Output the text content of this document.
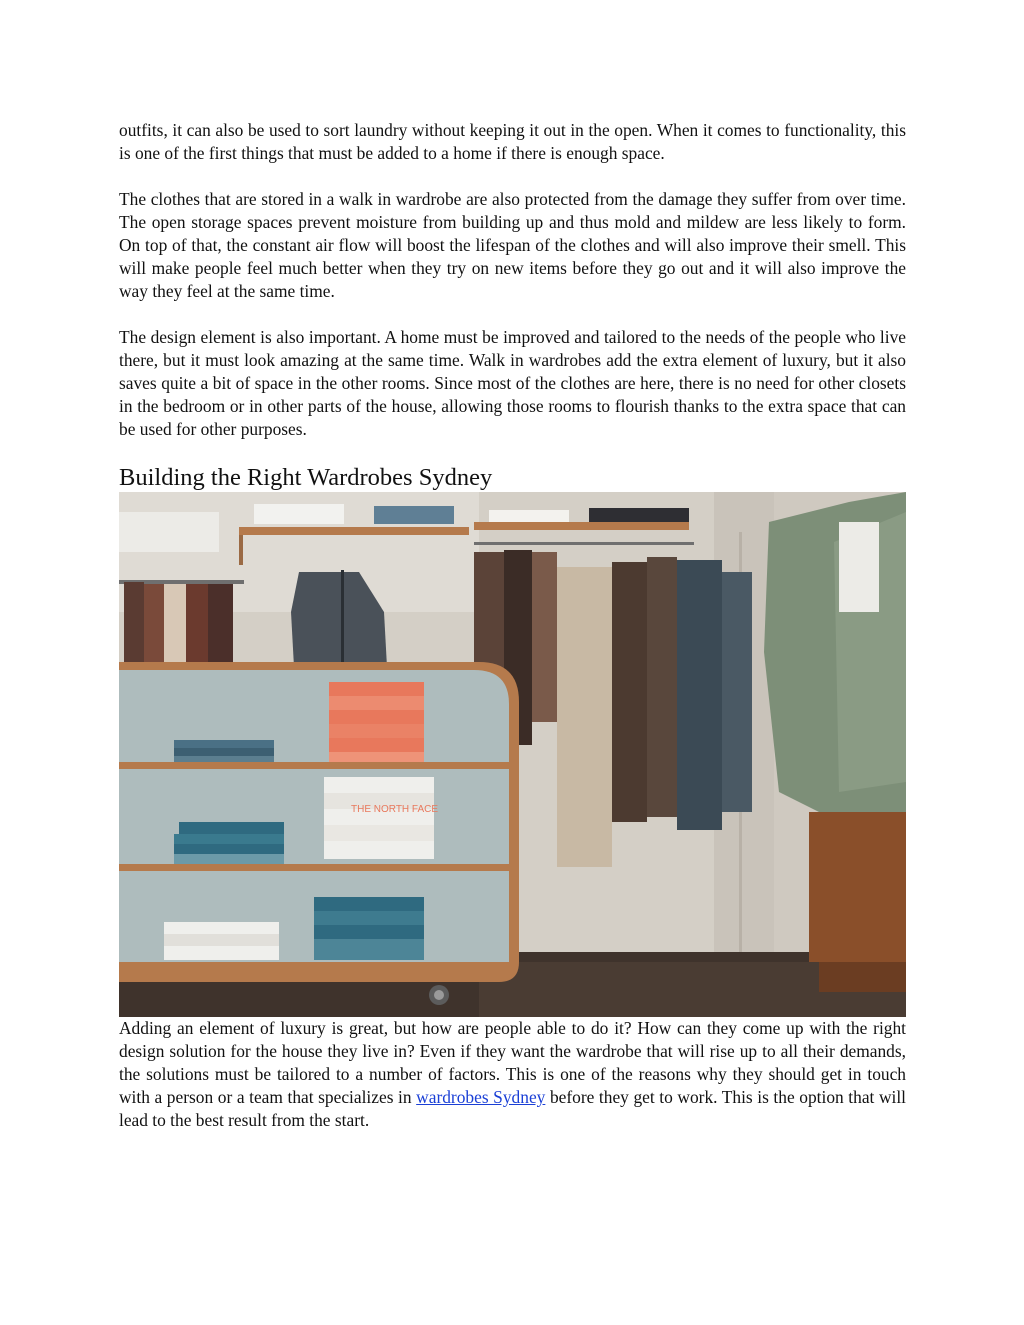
outfits, it can also be used to sort laundry without keeping it out in the open. When it comes to functionality, this is one of the first things that must be added to a home if there is enough space.

The clothes that are stored in a walk in wardrobe are also protected from the damage they suffer from over time. The open storage spaces prevent moisture from building up and thus mold and mildew are less likely to form. On top of that, the constant air flow will boost the lifespan of the clothes and will also improve their smell. This will make people feel much better when they try on new items before they go out and it will also improve the way they feel at the same time.

The design element is also important. A home must be improved and tailored to the needs of the people who live there, but it must look amazing at the same time. Walk in wardrobes add the extra element of luxury, but it also saves quite a bit of space in the other rooms. Since most of the clothes are here, there is no need for other closets in the bedroom or in other parts of the house, allowing those rooms to flourish thanks to the extra space that can be used for other purposes.

Building the Right Wardrobes Sydney
THE NORTH FACE

Adding an element of luxury is great, but how are people able to do it? How can they come up with the right design solution for the house they live in? Even if they want the wardrobe that will rise up to all their demands, the solutions must be tailored to a number of factors. This is one of the reasons why they should get in touch with a person or a team that specializes in wardrobes Sydney before they get to work. This is the option that will lead to the best result from the start.
